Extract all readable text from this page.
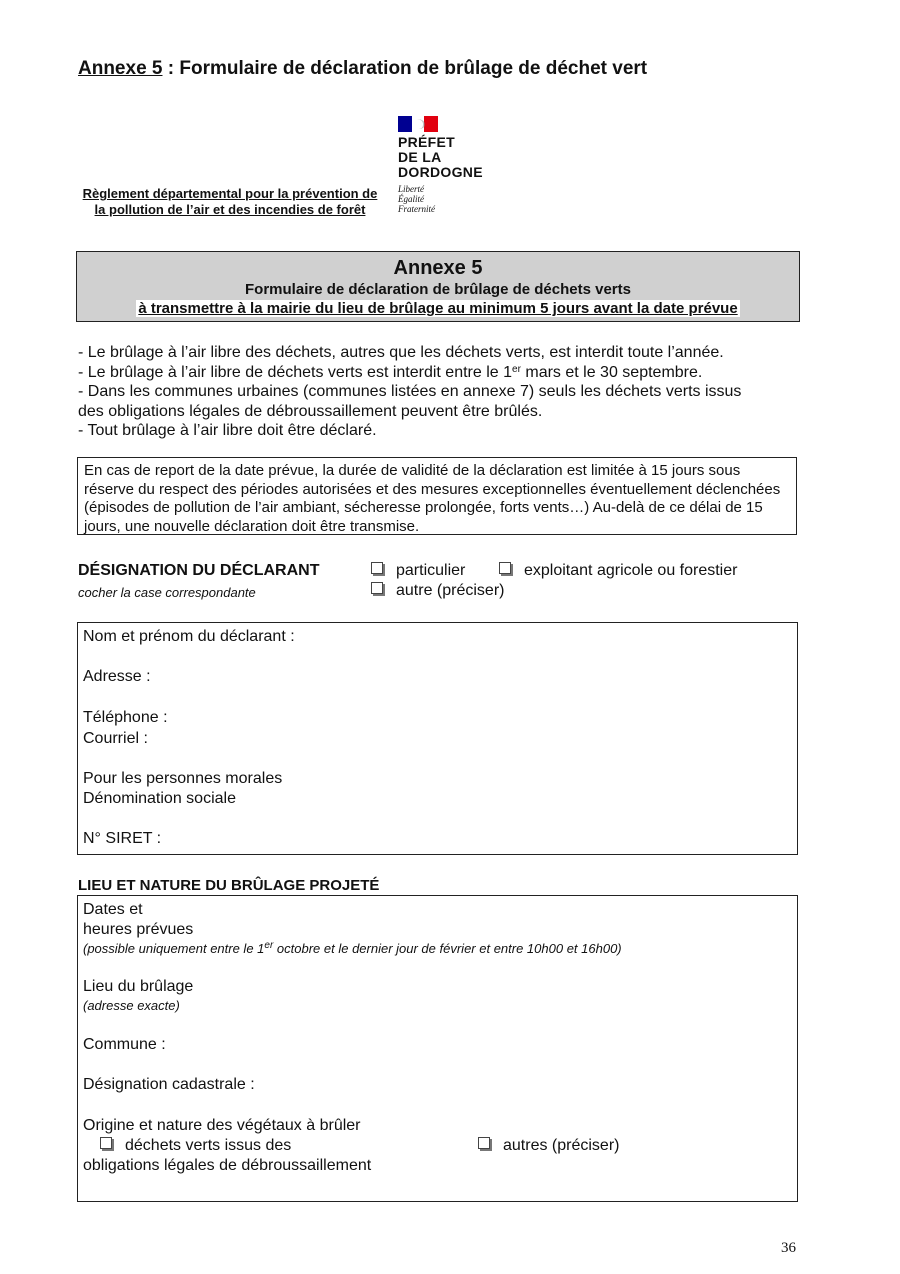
Annexe 5 : Formulaire de déclaration de brûlage de déchet vert
PRÉFET
DE LA
DORDOGNE
Liberté
Égalité
Fraternité
Règlement départemental pour la prévention de la pollution de l’air et des incendies de forêt
Annexe 5
Formulaire de déclaration de brûlage de déchets verts
à transmettre à la mairie du lieu de brûlage au minimum 5 jours avant la date prévue
- Le brûlage à l’air libre des déchets, autres que les déchets verts, est interdit toute l’année.
- Le brûlage à l’air libre de déchets verts est interdit entre le 1er mars et le 30 septembre.
- Dans les communes urbaines (communes listées en annexe 7) seuls les déchets verts issus
des obligations légales de débroussaillement peuvent être brûlés.
- Tout brûlage à l’air libre doit être déclaré.
En cas de report de la date prévue, la durée de validité de la déclaration est limitée à 15 jours sous réserve du respect des périodes autorisées et des mesures exceptionnelles éventuellement déclenchées (épisodes de pollution de l’air ambiant, sécheresse prolongée, forts vents…) Au-delà de ce délai de 15 jours, une nouvelle déclaration doit être transmise.
DÉSIGNATION DU DÉCLARANT
cocher la case correspondante
particulier	exploitant agricole ou forestier
autre (préciser)
Nom et prénom du déclarant :
Adresse :
Téléphone :
Courriel :
Pour les personnes morales
Dénomination sociale
N° SIRET :
LIEU ET NATURE DU BRÛLAGE PROJETÉ
Dates et
heures prévues
(possible uniquement entre le 1er octobre et le dernier jour de février et entre 10h00 et 16h00)
Lieu du brûlage
(adresse exacte)
Commune :
Désignation cadastrale :
Origine et nature des végétaux à brûler
déchets verts issus des
obligations légales de débroussaillement
autres (préciser)
36
